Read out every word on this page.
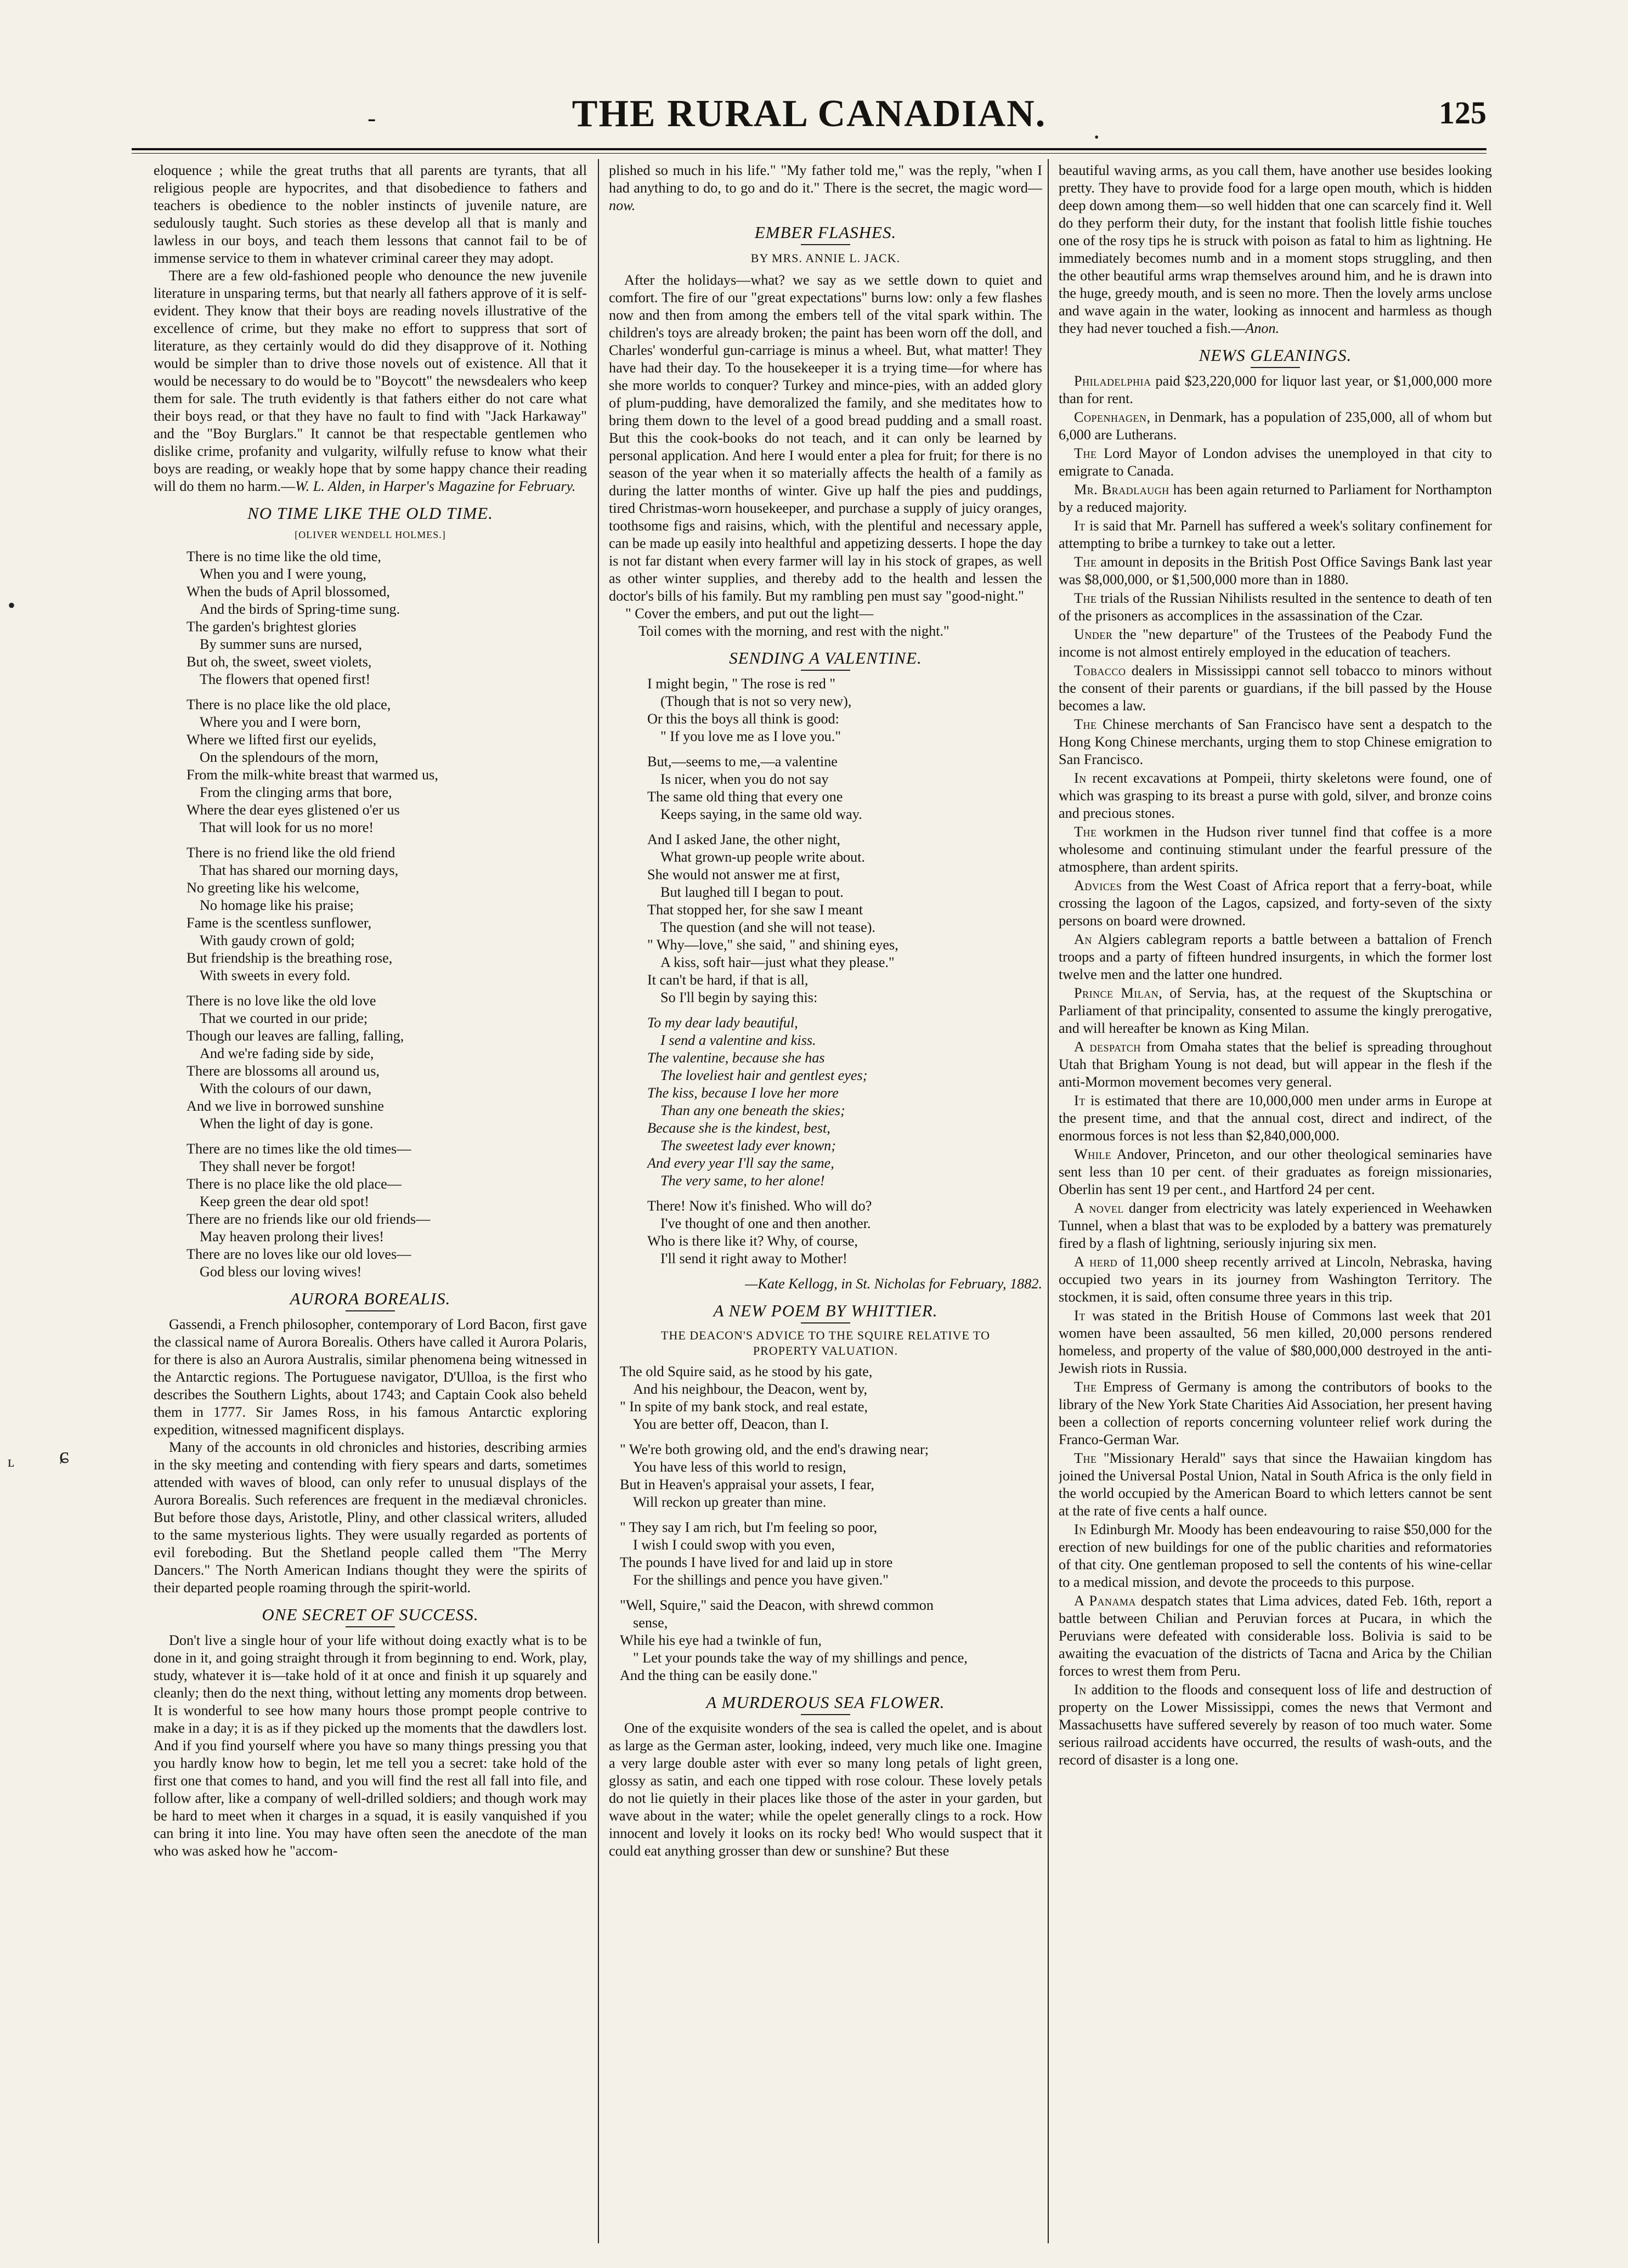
-	THE RURAL CANADIAN.	125
•
ɕ
ʟ
•

eloquence ; while the great truths that all parents are tyrants, that all religious people are hypocrites, and that disobedience to fathers and teachers is obedience to the nobler instincts of juvenile nature, are sedulously taught. Such stories as these develop all that is manly and lawless in our boys, and teach them lessons that cannot fail to be of immense service to them in whatever criminal career they may adopt.

There are a few old-fashioned people who denounce the new juvenile literature in unsparing terms, but that nearly all fathers approve of it is self-evident. They know that their boys are reading novels illustrative of the excellence of crime, but they make no effort to suppress that sort of literature, as they certainly would do did they disapprove of it. Nothing would be simpler than to drive those novels out of existence. All that it would be necessary to do would be to "Boycott" the newsdealers who keep them for sale. The truth evidently is that fathers either do not care what their boys read, or that they have no fault to find with "Jack Harkaway" and the "Boy Burglars." It cannot be that respectable gentlemen who dislike crime, profanity and vulgarity, wilfully refuse to know what their boys are reading, or weakly hope that by some happy chance their reading will do them no harm.—W. L. Alden, in Harper's Magazine for February.

NO TIME LIKE THE OLD TIME.
[OLIVER WENDELL HOLMES.]
There is no time like the old time,
When you and I were young,
When the buds of April blossomed,
And the birds of Spring-time sung.
The garden's brightest glories
By summer suns are nursed,
But oh, the sweet, sweet violets,
The flowers that opened first!
There is no place like the old place,
Where you and I were born,
Where we lifted first our eyelids,
On the splendours of the morn,
From the milk-white breast that warmed us,
From the clinging arms that bore,
Where the dear eyes glistened o'er us
That will look for us no more!
There is no friend like the old friend
That has shared our morning days,
No greeting like his welcome,
No homage like his praise;
Fame is the scentless sunflower,
With gaudy crown of gold;
But friendship is the breathing rose,
With sweets in every fold.
There is no love like the old love
That we courted in our pride;
Though our leaves are falling, falling,
And we're fading side by side,
There are blossoms all around us,
With the colours of our dawn,
And we live in borrowed sunshine
When the light of day is gone.
There are no times like the old times—
They shall never be forgot!
There is no place like the old place—
Keep green the dear old spot!
There are no friends like our old friends—
May heaven prolong their lives!
There are no loves like our old loves—
God bless our loving wives!
AURORA BOREALIS.

Gassendi, a French philosopher, contemporary of Lord Bacon, first gave the classical name of Aurora Borealis. Others have called it Aurora Polaris, for there is also an Aurora Australis, similar phenomena being witnessed in the Antarctic regions. The Portuguese navigator, D'Ulloa, is the first who describes the Southern Lights, about 1743; and Captain Cook also beheld them in 1777. Sir James Ross, in his famous Antarctic exploring expedition, witnessed magnificent displays.

Many of the accounts in old chronicles and histories, describing armies in the sky meeting and contending with fiery spears and darts, sometimes attended with waves of blood, can only refer to unusual displays of the Aurora Borealis. Such references are frequent in the mediæval chronicles. But before those days, Aristotle, Pliny, and other classical writers, alluded to the same mysterious lights. They were usually regarded as portents of evil foreboding. But the Shetland people called them "The Merry Dancers." The North American Indians thought they were the spirits of their departed people roaming through the spirit-world.

ONE SECRET OF SUCCESS.

Don't live a single hour of your life without doing exactly what is to be done in it, and going straight through it from beginning to end. Work, play, study, whatever it is—take hold of it at once and finish it up squarely and cleanly; then do the next thing, without letting any moments drop between. It is wonderful to see how many hours those prompt people contrive to make in a day; it is as if they picked up the moments that the dawdlers lost. And if you find yourself where you have so many things pressing you that you hardly know how to begin, let me tell you a secret: take hold of the first one that comes to hand, and you will find the rest all fall into file, and follow after, like a company of well-drilled soldiers; and though work may be hard to meet when it charges in a squad, it is easily vanquished if you can bring it into line. You may have often seen the anecdote of the man who was asked how he "accom-

plished so much in his life." "My father told me," was the reply, "when I had anything to do, to go and do it." There is the secret, the magic word—now.

EMBER FLASHES.
BY MRS. ANNIE L. JACK.

After the holidays—what? we say as we settle down to quiet and comfort. The fire of our "great expectations" burns low: only a few flashes now and then from among the embers tell of the vital spark within. The children's toys are already broken; the paint has been worn off the doll, and Charles' wonderful gun-carriage is minus a wheel. But, what matter! They have had their day. To the housekeeper it is a trying time—for where has she more worlds to conquer? Turkey and mince-pies, with an added glory of plum-pudding, have demoralized the family, and she meditates how to bring them down to the level of a good bread pudding and a small roast. But this the cook-books do not teach, and it can only be learned by personal application. And here I would enter a plea for fruit; for there is no season of the year when it so materially affects the health of a family as during the latter months of winter. Give up half the pies and puddings, tired Christmas-worn housekeeper, and purchase a supply of juicy oranges, toothsome figs and raisins, which, with the plentiful and necessary apple, can be made up easily into healthful and appetizing desserts. I hope the day is not far distant when every farmer will lay in his stock of grapes, as well as other winter supplies, and thereby add to the health and lessen the doctor's bills of his family. But my rambling pen must say "good-night."

" Cover the embers, and put out the light—
Toil comes with the morning, and rest with the night."
SENDING A VALENTINE.
I might begin, " The rose is red "
(Though that is not so very new),
Or this the boys all think is good:
" If you love me as I love you."
But,—seems to me,—a valentine
Is nicer, when you do not say
The same old thing that every one
Keeps saying, in the same old way.
And I asked Jane, the other night,
What grown-up people write about.
She would not answer me at first,
But laughed till I began to pout.
That stopped her, for she saw I meant
The question (and she will not tease).
" Why—love," she said, " and shining eyes,
A kiss, soft hair—just what they please."
It can't be hard, if that is all,
So I'll begin by saying this:
To my dear lady beautiful,
I send a valentine and kiss.
The valentine, because she has
The loveliest hair and gentlest eyes;
The kiss, because I love her more
Than any one beneath the skies;
Because she is the kindest, best,
The sweetest lady ever known;
And every year I'll say the same,
The very same, to her alone!
There! Now it's finished. Who will do?
I've thought of one and then another.
Who is there like it? Why, of course,
I'll send it right away to Mother!
—Kate Kellogg, in St. Nicholas for February, 1882.
A NEW POEM BY WHITTIER.
THE DEACON'S ADVICE TO THE SQUIRE RELATIVE TO PROPERTY VALUATION.
The old Squire said, as he stood by his gate,
And his neighbour, the Deacon, went by,
" In spite of my bank stock, and real estate,
You are better off, Deacon, than I.
" We're both growing old, and the end's drawing near;
You have less of this world to resign,
But in Heaven's appraisal your assets, I fear,
Will reckon up greater than mine.
" They say I am rich, but I'm feeling so poor,
I wish I could swop with you even,
The pounds I have lived for and laid up in store
For the shillings and pence you have given."
"Well, Squire," said the Deacon, with shrewd common
sense,
While his eye had a twinkle of fun,
" Let your pounds take the way of my shillings and pence,
And the thing can be easily done."
A MURDEROUS SEA FLOWER.

One of the exquisite wonders of the sea is called the opelet, and is about as large as the German aster, looking, indeed, very much like one. Imagine a very large double aster with ever so many long petals of light green, glossy as satin, and each one tipped with rose colour. These lovely petals do not lie quietly in their places like those of the aster in your garden, but wave about in the water; while the opelet generally clings to a rock. How innocent and lovely it looks on its rocky bed! Who would suspect that it could eat anything grosser than dew or sunshine? But these

beautiful waving arms, as you call them, have another use besides looking pretty. They have to provide food for a large open mouth, which is hidden deep down among them—so well hidden that one can scarcely find it. Well do they perform their duty, for the instant that foolish little fishie touches one of the rosy tips he is struck with poison as fatal to him as lightning. He immediately becomes numb and in a moment stops struggling, and then the other beautiful arms wrap themselves around him, and he is drawn into the huge, greedy mouth, and is seen no more. Then the lovely arms unclose and wave again in the water, looking as innocent and harmless as though they had never touched a fish.—Anon.

NEWS GLEANINGS.

Philadelphia paid $23,220,000 for liquor last year, or $1,000,000 more than for rent.

Copenhagen, in Denmark, has a population of 235,000, all of whom but 6,000 are Lutherans.

The Lord Mayor of London advises the unemployed in that city to emigrate to Canada.

Mr. Bradlaugh has been again returned to Parliament for Northampton by a reduced majority.

It is said that Mr. Parnell has suffered a week's solitary confinement for attempting to bribe a turnkey to take out a letter.

The amount in deposits in the British Post Office Savings Bank last year was $8,000,000, or $1,500,000 more than in 1880.

The trials of the Russian Nihilists resulted in the sentence to death of ten of the prisoners as accomplices in the assassination of the Czar.

Under the "new departure" of the Trustees of the Peabody Fund the income is not almost entirely employed in the education of teachers.

Tobacco dealers in Mississippi cannot sell tobacco to minors without the consent of their parents or guardians, if the bill passed by the House becomes a law.

The Chinese merchants of San Francisco have sent a despatch to the Hong Kong Chinese merchants, urging them to stop Chinese emigration to San Francisco.

In recent excavations at Pompeii, thirty skeletons were found, one of which was grasping to its breast a purse with gold, silver, and bronze coins and precious stones.

The workmen in the Hudson river tunnel find that coffee is a more wholesome and continuing stimulant under the fearful pressure of the atmosphere, than ardent spirits.

Advices from the West Coast of Africa report that a ferry-boat, while crossing the lagoon of the Lagos, capsized, and forty-seven of the sixty persons on board were drowned.

An Algiers cablegram reports a battle between a battalion of French troops and a party of fifteen hundred insurgents, in which the former lost twelve men and the latter one hundred.

Prince Milan, of Servia, has, at the request of the Skuptschina or Parliament of that principality, consented to assume the kingly prerogative, and will hereafter be known as King Milan.

A despatch from Omaha states that the belief is spreading throughout Utah that Brigham Young is not dead, but will appear in the flesh if the anti-Mormon movement becomes very general.

It is estimated that there are 10,000,000 men under arms in Europe at the present time, and that the annual cost, direct and indirect, of the enormous forces is not less than $2,840,000,000.

While Andover, Princeton, and our other theological seminaries have sent less than 10 per cent. of their graduates as foreign missionaries, Oberlin has sent 19 per cent., and Hartford 24 per cent.

A novel danger from electricity was lately experienced in Weehawken Tunnel, when a blast that was to be exploded by a battery was prematurely fired by a flash of lightning, seriously injuring six men.

A herd of 11,000 sheep recently arrived at Lincoln, Nebraska, having occupied two years in its journey from Washington Territory. The stockmen, it is said, often consume three years in this trip.

It was stated in the British House of Commons last week that 201 women have been assaulted, 56 men killed, 20,000 persons rendered homeless, and property of the value of $80,000,000 destroyed in the anti-Jewish riots in Russia.

The Empress of Germany is among the contributors of books to the library of the New York State Charities Aid Association, her present having been a collection of reports concerning volunteer relief work during the Franco-German War.

The "Missionary Herald" says that since the Hawaiian kingdom has joined the Universal Postal Union, Natal in South Africa is the only field in the world occupied by the American Board to which letters cannot be sent at the rate of five cents a half ounce.

In Edinburgh Mr. Moody has been endeavouring to raise $50,000 for the erection of new buildings for one of the public charities and reformatories of that city. One gentleman proposed to sell the contents of his wine-cellar to a medical mission, and devote the proceeds to this purpose.

A Panama despatch states that Lima advices, dated Feb. 16th, report a battle between Chilian and Peruvian forces at Pucara, in which the Peruvians were defeated with considerable loss. Bolivia is said to be awaiting the evacuation of the districts of Tacna and Arica by the Chilian forces to wrest them from Peru.

In addition to the floods and consequent loss of life and destruction of property on the Lower Mississippi, comes the news that Vermont and Massachusetts have suffered severely by reason of too much water. Some serious railroad accidents have occurred, the results of wash-outs, and the record of disaster is a long one.
